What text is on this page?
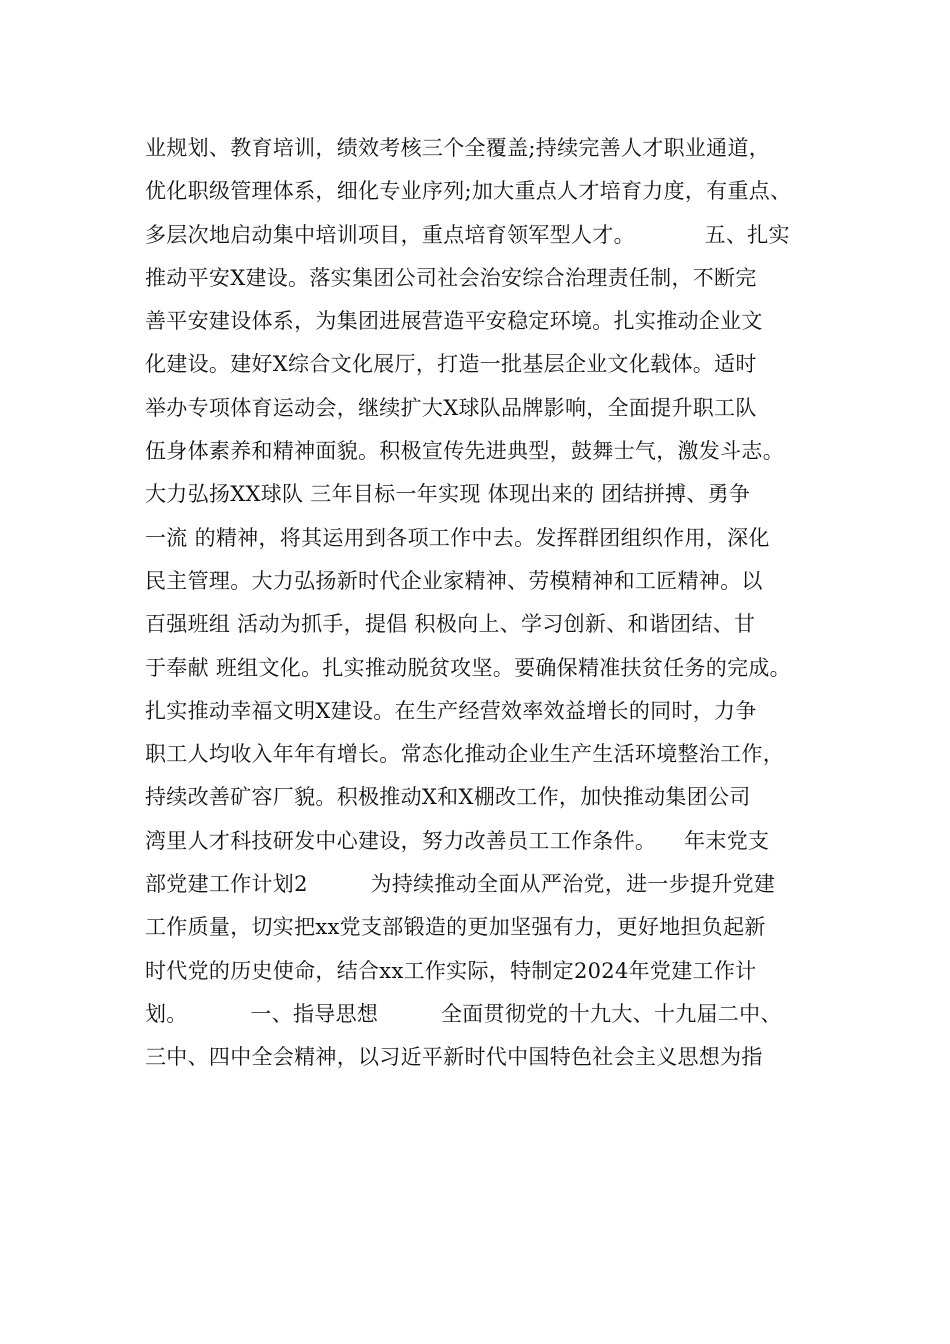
业规划、教育培训，绩效考核三个全覆盖;持续完善人才职业通道，
优化职级管理体系，细化专业序列;加大重点人才培育力度，有重点、
多层次地启动集中培训项目，重点培育领军型人才。          五、扎实
推动平安X建设。落实集团公司社会治安综合治理责任制，不断完
善平安建设体系，为集团进展营造平安稳定环境。扎实推动企业文
化建设。建好X综合文化展厅，打造一批基层企业文化载体。适时
举办专项体育运动会，继续扩大X球队品牌影响，全面提升职工队
伍身体素养和精神面貌。积极宣传先进典型，鼓舞士气，激发斗志。
大力弘扬XX球队 三年目标一年实现 体现出来的 团结拼搏、勇争
一流 的精神，将其运用到各项工作中去。发挥群团组织作用，深化
民主管理。大力弘扬新时代企业家精神、劳模精神和工匠精神。以
百强班组 活动为抓手，提倡 积极向上、学习创新、和谐团结、甘
于奉献 班组文化。扎实推动脱贫攻坚。要确保精准扶贫任务的完成。
扎实推动幸福文明X建设。在生产经营效率效益增长的同时，力争
职工人均收入年年有增长。常态化推动企业生产生活环境整治工作，
持续改善矿容厂貌。积极推动X和X棚改工作，加快推动集团公司
湾里人才科技研发中心建设，努力改善员工工作条件。    年末党支
部党建工作计划2         为持续推动全面从严治党，进一步提升党建
工作质量，切实把xx党支部锻造的更加坚强有力，更好地担负起新
时代党的历史使命，结合xx工作实际，特制定2024年党建工作计
划。         一、指导思想         全面贯彻党的十九大、十九届二中、
三中、四中全会精神，以习近平新时代中国特色社会主义思想为指
